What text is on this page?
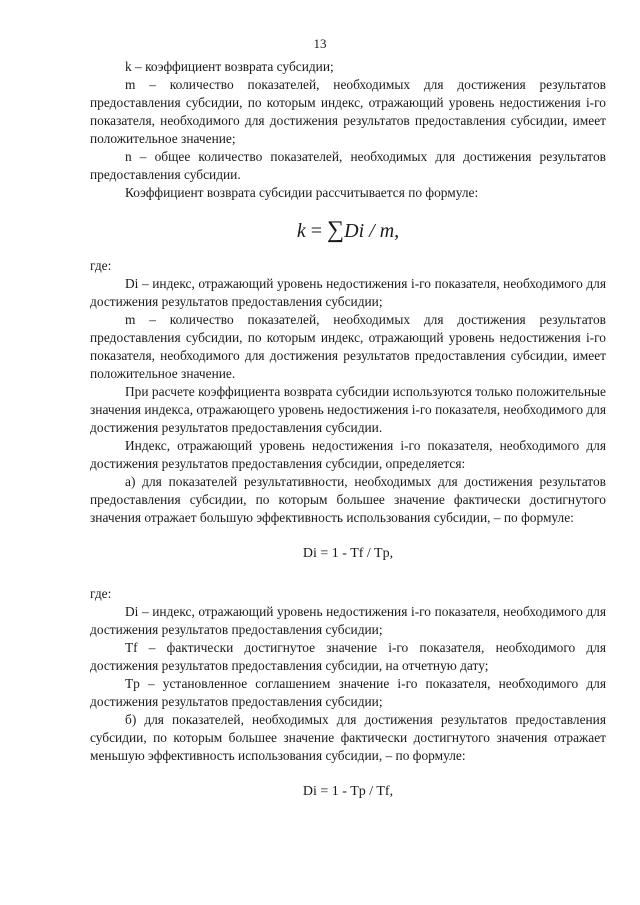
13

k – коэффициент возврата субсидии;

m – количество показателей, необходимых для достижения результатов предоставления субсидии, по которым индекс, отражающий уровень недостижения i-го показателя, необходимого для достижения результатов предоставления субсидии, имеет положительное значение;

n – общее количество показателей, необходимых для достижения результатов предоставления субсидии.

Коэффициент возврата субсидии рассчитывается по формуле:

k = ∑Di / m,

где:

Di – индекс, отражающий уровень недостижения i-го показателя, необходимого для достижения результатов предоставления субсидии;

m – количество показателей, необходимых для достижения результатов предоставления субсидии, по которым индекс, отражающий уровень недостижения i-го показателя, необходимого для достижения результатов предоставления субсидии, имеет положительное значение.

При расчете коэффициента возврата субсидии используются только положительные значения индекса, отражающего уровень недостижения i-го показателя, необходимого для достижения результатов предоставления субсидии.

Индекс, отражающий уровень недостижения i-го показателя, необходимого для достижения результатов предоставления субсидии, определяется:

а) для показателей результативности, необходимых для достижения результатов предоставления субсидии, по которым большее значение фактически достигнутого значения отражает большую эффективность использования субсидии, – по формуле:

Di = 1 - Tf / Tp,

где:

Di – индекс, отражающий уровень недостижения i-го показателя, необходимого для достижения результатов предоставления субсидии;

Tf – фактически достигнутое значение i-го показателя, необходимого для достижения результатов предоставления субсидии, на отчетную дату;

Tp – установленное соглашением значение i-го показателя, необходимого для достижения результатов предоставления субсидии;

б) для показателей, необходимых для достижения результатов предоставления субсидии, по которым большее значение фактически достигнутого значения отражает меньшую эффективность использования субсидии, – по формуле:

Di = 1 - Tp / Tf,
